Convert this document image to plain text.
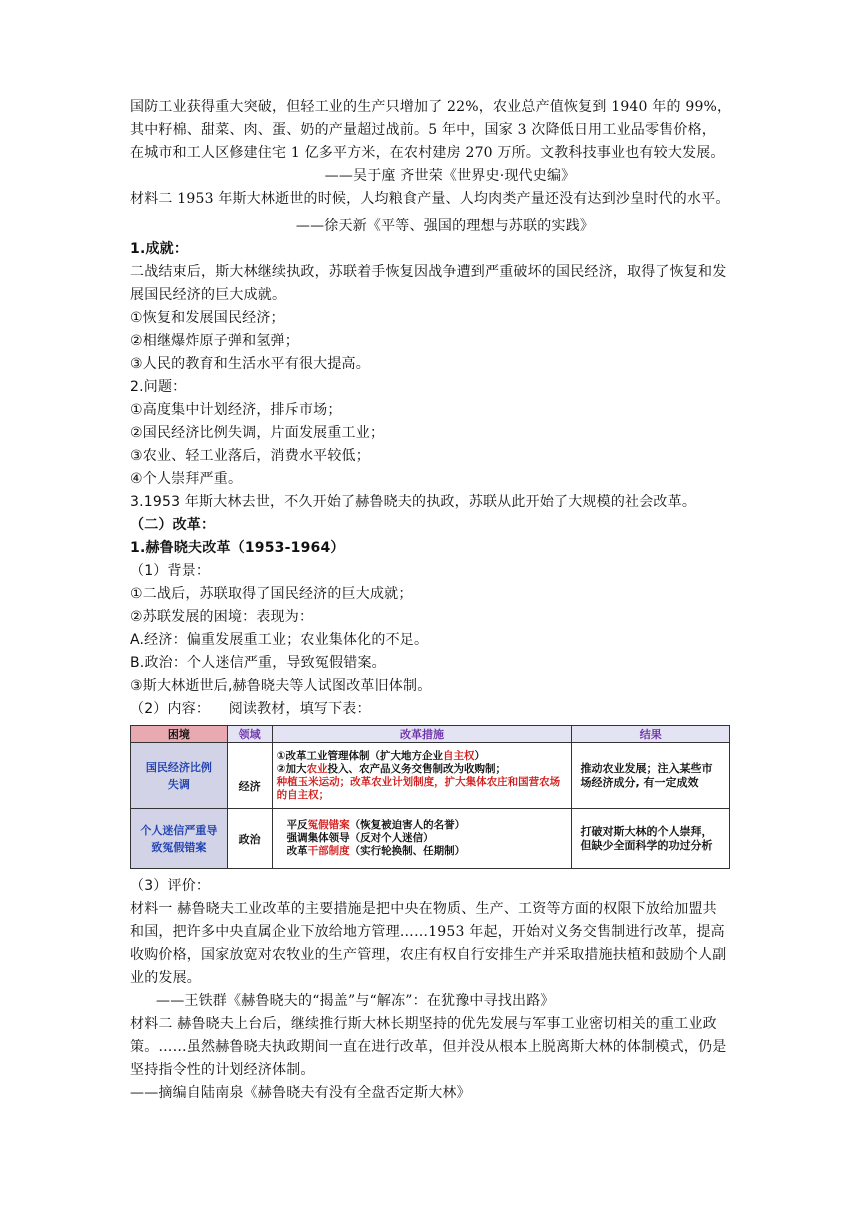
国防工业获得重大突破，但轻工业的生产只增加了 22%，农业总产值恢复到 1940 年的 99%，
其中籽棉、甜菜、肉、蛋、奶的产量超过战前。5 年中，国家 3 次降低日用工业品零售价格，
在城市和工人区修建住宅 1 亿多平方米，在农村建房 270 万所。文教科技事业也有较大发展。
——吴于廑 齐世荣《世界史·现代史编》
材料二 1953 年斯大林逝世的时候，人均粮食产量、人均肉类产量还没有达到沙皇时代的水平。
——徐天新《平等、强国的理想与苏联的实践》
1.成就：
二战结束后，斯大林继续执政，苏联着手恢复因战争遭到严重破坏的国民经济，取得了恢复和发展国民经济的巨大成就。
①恢复和发展国民经济；
②相继爆炸原子弹和氢弹；
③人民的教育和生活水平有很大提高。
2.问题：
①高度集中计划经济，排斥市场；
②国民经济比例失调，片面发展重工业；
③农业、轻工业落后，消费水平较低；
④个人崇拜严重。
3.1953 年斯大林去世，不久开始了赫鲁晓夫的执政，苏联从此开始了大规模的社会改革。
（二）改革：
1.赫鲁晓夫改革（1953-1964）
（1）背景：
①二战后，苏联取得了国民经济的巨大成就；
②苏联发展的困境：表现为：
A.经济：偏重发展重工业；农业集体化的不足。
B.政治：个人迷信严重，导致冤假错案。
③斯大林逝世后,赫鲁晓夫等人试图改革旧体制。
（2）内容：    阅读教材，填写下表：
困境	领域	改革措施	结果
国民经济比例失调	经济	①改革工业管理体制（扩大地方企业自主权）
②加大农业投入、农产品义务交售制改为收购制；
种植玉米运动；改革农业计划制度，扩大集体农庄和国营农场的自主权；	推动农业发展；注入某些市场经济成分, 有一定成效
个人迷信严重导致冤假错案	政治	平反冤假错案（恢复被迫害人的名誉）
强调集体领导（反对个人迷信）
改革干部制度（实行轮换制、任期制）	打破对斯大林的个人崇拜，但缺少全面科学的功过分析
（3）评价：
材料一 赫鲁晓夫工业改革的主要措施是把中央在物质、生产、工资等方面的权限下放给加盟共和国，把许多中央直属企业下放给地方管理……1953 年起，开始对义务交售制进行改革，提高收购价格，国家放宽对农牧业的生产管理，农庄有权自行安排生产并采取措施扶植和鼓励个人副业的发展。
——王铁群《赫鲁晓夫的“揭盖”与“解冻”：在犹豫中寻找出路》
材料二 赫鲁晓夫上台后，继续推行斯大林长期坚持的优先发展与军事工业密切相关的重工业政策。……虽然赫鲁晓夫执政期间一直在进行改革，但并没从根本上脱离斯大林的体制模式，仍是坚持指令性的计划经济体制。
——摘编自陆南泉《赫鲁晓夫有没有全盘否定斯大林》
